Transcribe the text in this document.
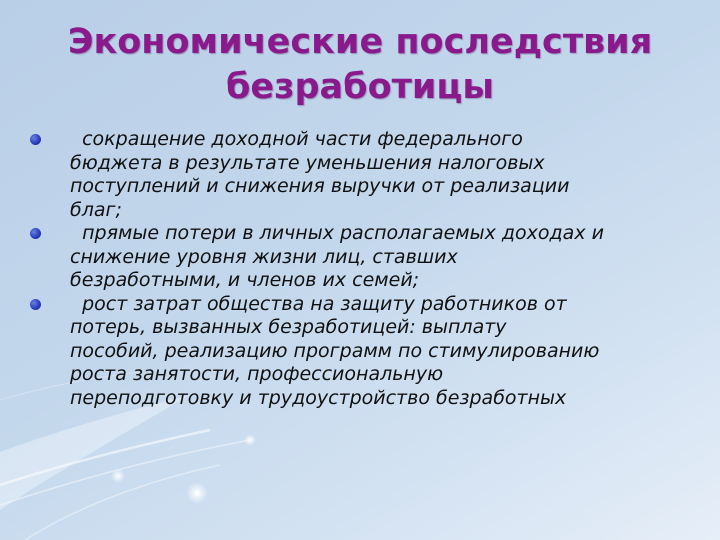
Экономические последствия
безработицы
сокращение доходной части федерального
бюджета в результате уменьшения налоговых
поступлений и снижения выручки от реализации
благ;
прямые потери в личных располагаемых доходах и
снижение уровня жизни лиц, ставших
безработными, и членов их семей;
рост затрат общества на защиту работников от
потерь, вызванных безработицей: выплату
пособий, реализацию программ по стимулированию
роста занятости, профессиональную
переподготовку и трудоустройство безработных
